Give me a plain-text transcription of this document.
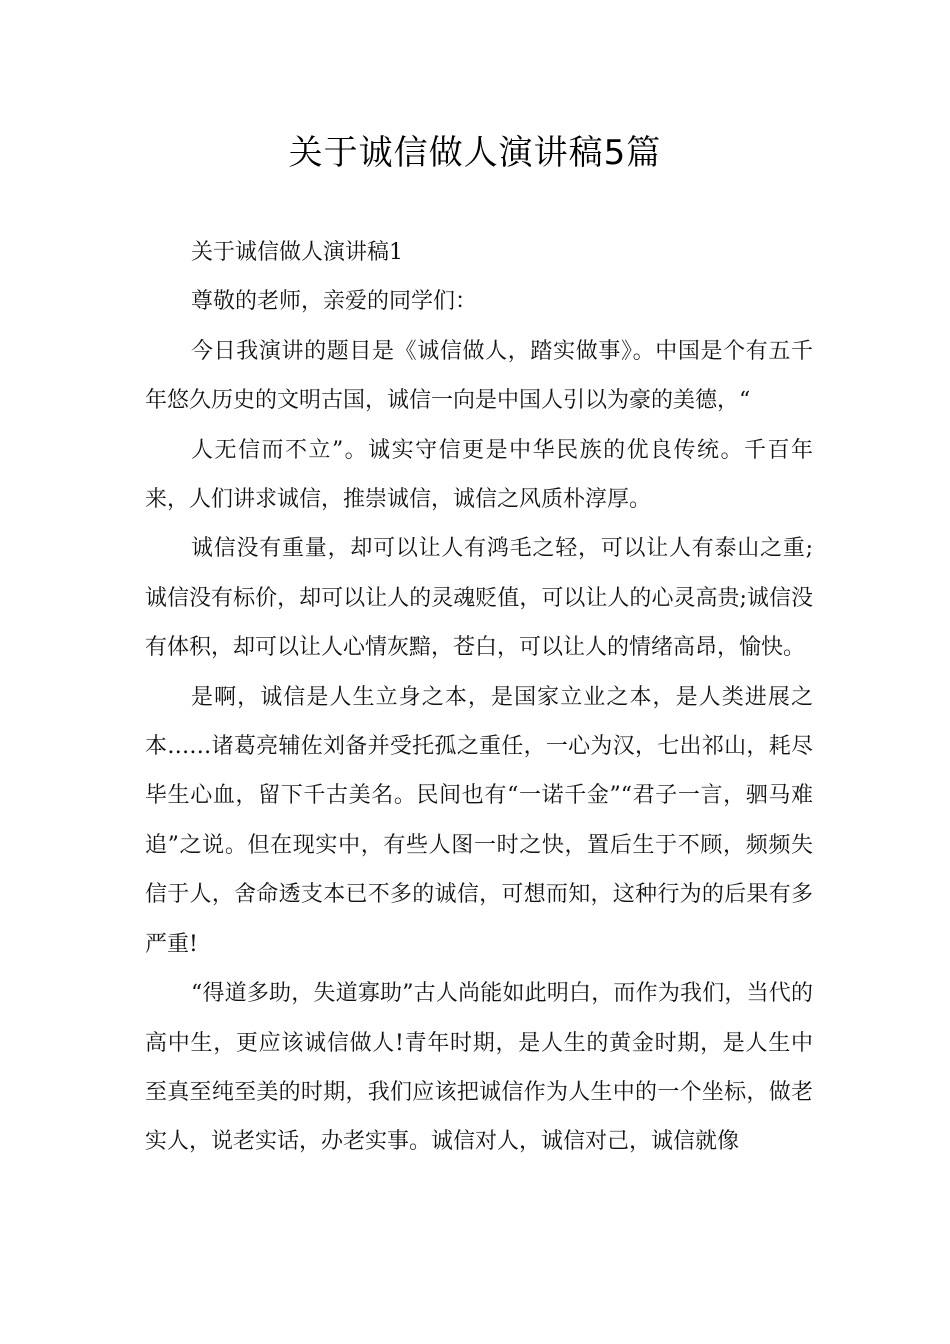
关于诚信做人演讲稿5篇

关于诚信做人演讲稿1

尊敬的老师，亲爱的同学们：

今日我演讲的题目是《诚信做人，踏实做事》。中国是个有五千年悠久历史的文明古国，诚信一向是中国人引以为豪的美德，“

人无信而不立”。诚实守信更是中华民族的优良传统。千百年来，人们讲求诚信，推崇诚信，诚信之风质朴淳厚。

诚信没有重量，却可以让人有鸿毛之轻，可以让人有泰山之重;诚信没有标价，却可以让人的灵魂贬值，可以让人的心灵高贵;诚信没有体积，却可以让人心情灰黯，苍白，可以让人的情绪高昂，愉快。

是啊，诚信是人生立身之本，是国家立业之本，是人类进展之本……诸葛亮辅佐刘备并受托孤之重任，一心为汉，七出祁山，耗尽毕生心血，留下千古美名。民间也有“一诺千金”“君子一言，驷马难追”之说。但在现实中，有些人图一时之快，置后生于不顾，频频失信于人，舍命透支本已不多的诚信，可想而知，这种行为的后果有多严重!

“得道多助，失道寡助”古人尚能如此明白，而作为我们，当代的高中生，更应该诚信做人!青年时期，是人生的黄金时期，是人生中至真至纯至美的时期，我们应该把诚信作为人生中的一个坐标，做老实人，说老实话，办老实事。诚信对人，诚信对己，诚信就像
